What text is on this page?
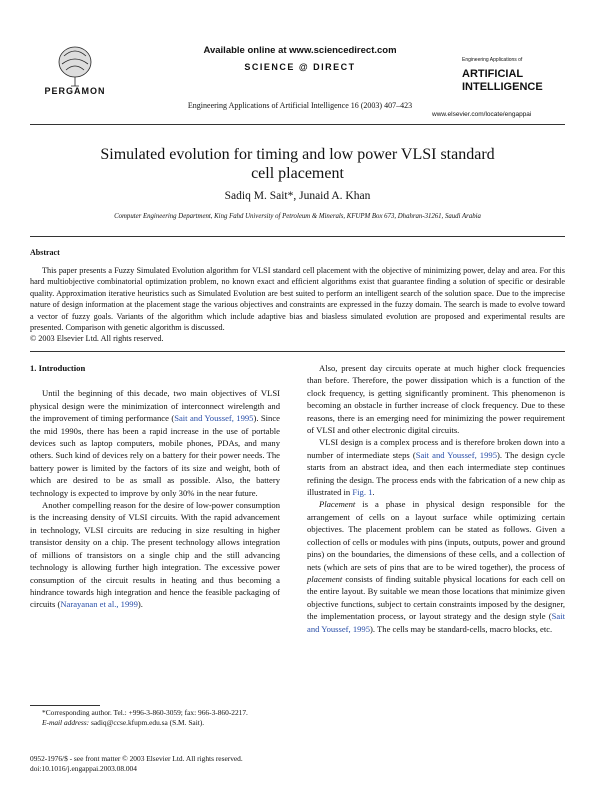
PERGAMON
Available online at www.sciencedirect.com
SCIENCE @ DIRECT
Engineering Applications of Artificial Intelligence 16 (2003) 407–423
Engineering Applications of
ARTIFICIAL
INTELLIGENCE
www.elsevier.com/locate/engappai
Simulated evolution for timing and low power VLSI standard
cell placement
Sadiq M. Sait*, Junaid A. Khan
Computer Engineering Department, King Fahd University of Petroleum & Minerals, KFUPM Box 673, Dhahran-31261, Saudi Arabia
Abstract

This paper presents a Fuzzy Simulated Evolution algorithm for VLSI standard cell placement with the objective of minimizing power, delay and area. For this hard multiobjective combinatorial optimization problem, no known exact and efficient algorithms exist that guarantee finding a solution of specific or desirable quality. Approximation iterative heuristics such as Simulated Evolution are best suited to perform an intelligent search of the solution space. Due to the imprecise nature of design information at the placement stage the various objectives and constraints are expressed in the fuzzy domain. The search is made to evolve toward a vector of fuzzy goals. Variants of the algorithm which include adaptive bias and biasless simulated evolution are proposed and experimental results are presented. Comparison with genetic algorithm is discussed.

© 2003 Elsevier Ltd. All rights reserved.
1. Introduction

Until the beginning of this decade, two main objectives of VLSI physical design were the minimization of interconnect wirelength and the improvement of timing performance (Sait and Youssef, 1995). Since the mid 1990s, there has been a rapid increase in the use of portable devices such as laptop computers, mobile phones, PDAs, and many others. Such kind of devices rely on a battery for their power needs. The battery power is limited by the factors of its size and weight, both of which are desired to be as small as possible. Also, the battery technology is expected to improve by only 30% in the near future.

Another compelling reason for the desire of low-power consumption is the increasing density of VLSI circuits. With the rapid advancement in technology, VLSI circuits are reducing in size resulting in higher transistor density on a chip. The present technology allows integration of millions of transistors on a single chip and the still advancing technology is allowing further high integration. The excessive power consumption of the circuit results in heating and thus becoming a hindrance towards high integration and hence the feasible packaging of circuits (Narayanan et al., 1999).

*Corresponding author. Tel.: +996-3-860-3059; fax: 966-3-860-2217.
E-mail address: sadiq@ccse.kfupm.edu.sa (S.M. Sait).
0952-1976/$ - see front matter © 2003 Elsevier Ltd. All rights reserved.
doi:10.1016/j.engappai.2003.08.004

Also, present day circuits operate at much higher clock frequencies than before. Therefore, the power dissipation which is a function of the clock frequency, is getting significantly prominent. This phenomenon is becoming an obstacle in further increase of clock frequency. Due to these reasons, there is an emerging need for minimizing the power requirement of VLSI and other electronic digital circuits.

VLSI design is a complex process and is therefore broken down into a number of intermediate steps (Sait and Youssef, 1995). The design cycle starts from an abstract idea, and then each intermediate step continues refining the design. The process ends with the fabrication of a new chip as illustrated in Fig. 1.

Placement is a phase in physical design responsible for the arrangement of cells on a layout surface while optimizing certain objectives. The placement problem can be stated as follows. Given a collection of cells or modules with pins (inputs, outputs, power and ground pins) on the boundaries, the dimensions of these cells, and a collection of nets (which are sets of pins that are to be wired together), the process of placement consists of finding suitable physical locations for each cell on the entire layout. By suitable we mean those locations that minimize given objective functions, subject to certain constraints imposed by the designer, the implementation process, or layout strategy and the design style (Sait and Youssef, 1995). The cells may be standard-cells, macro blocks, etc.
